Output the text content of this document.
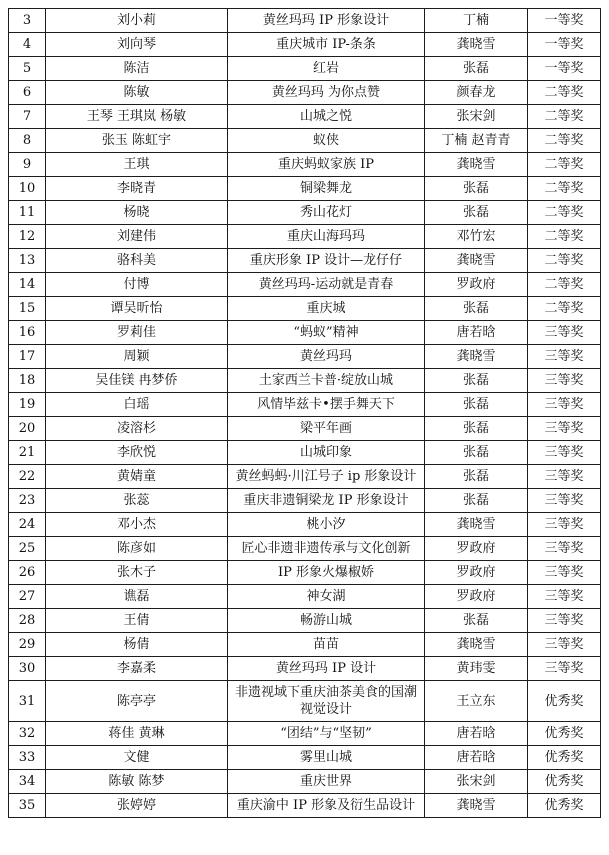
3	刘小莉	黄丝玛玛 IP 形象设计	丁楠	一等奖
4	刘向琴	重庆城市 IP-条条	龚晓雪	一等奖
5	陈洁	红岩	张磊	一等奖
6	陈敏	黄丝玛玛 为你点赞	颜春龙	二等奖
7	王琴 王琪岚 杨敏	山城之悦	张宋剑	二等奖
8	张玉 陈虹宇	蚁侠	丁楠 赵青青	二等奖
9	王琪	重庆蚂蚁家族 IP	龚晓雪	二等奖
10	李晓青	铜梁舞龙	张磊	二等奖
11	杨晓	秀山花灯	张磊	二等奖
12	刘建伟	重庆山海玛玛	邓竹宏	二等奖
13	骆科美	重庆形象 IP 设计—龙仔仔	龚晓雪	二等奖
14	付博	黄丝玛玛-运动就是青春	罗政府	二等奖
15	谭吴昕怡	重庆城	张磊	二等奖
16	罗莉佳	“蚂蚁”精神	唐若晗	三等奖
17	周颖	黄丝玛玛	龚晓雪	三等奖
18	吴佳镁 冉梦侨	土家西兰卡普·绽放山城	张磊	三等奖
19	白瑶	风情毕兹卡•摆手舞天下	张磊	三等奖
20	凌溶杉	梁平年画	张磊	三等奖
21	李欣悦	山城印象	张磊	三等奖
22	黄婧童	黄丝蚂蚂·川江号子 ip 形象设计	张磊	三等奖
23	张蕊	重庆非遗铜梁龙 IP 形象设计	张磊	三等奖
24	邓小杰	桃小汐	龚晓雪	三等奖
25	陈彦如	匠心非遗非遗传承与文化创新	罗政府	三等奖
26	张木子	IP 形象火爆椒娇	罗政府	三等奖
27	谯磊	神女湖	罗政府	三等奖
28	王倩	畅游山城	张磊	三等奖
29	杨倩	苗苗	龚晓雪	三等奖
30	李嘉柔	黄丝玛玛 IP 设计	黄玮雯	三等奖
31	陈亭亭	非遗视域下重庆油茶美食的国潮视觉设计	王立东	优秀奖
32	蒋佳 黄琳	“团结”与“坚韧”	唐若晗	优秀奖
33	文健	雾里山城	唐若晗	优秀奖
34	陈敏 陈梦	重庆世界	张宋剑	优秀奖
35	张婷婷	重庆渝中 IP 形象及衍生品设计	龚晓雪	优秀奖
